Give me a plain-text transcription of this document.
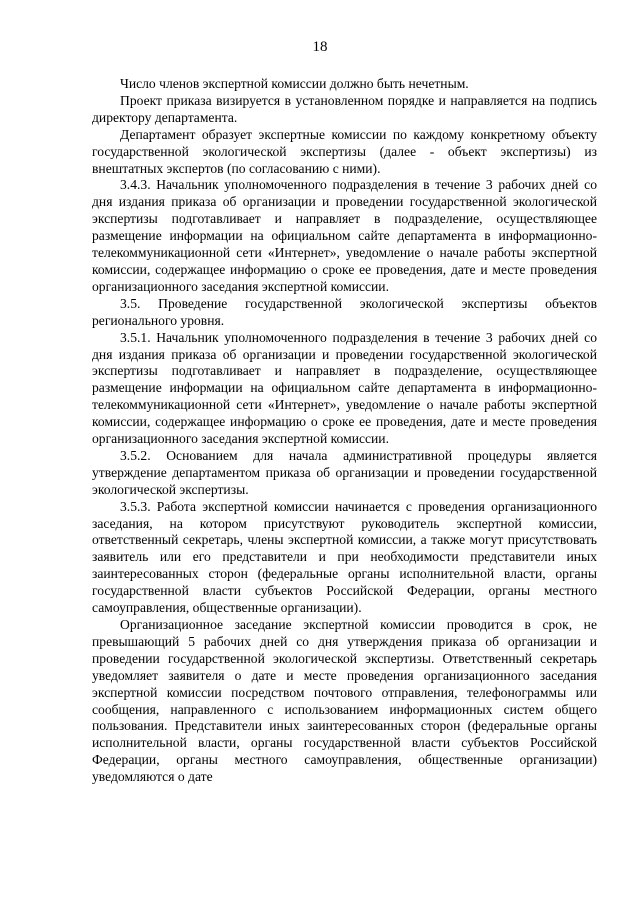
18

Число членов экспертной комиссии должно быть нечетным.

Проект приказа визируется в установленном порядке и направляется на подпись директору департамента.

Департамент образует экспертные комиссии по каждому конкретному объекту государственной экологической экспертизы (далее - объект экспертизы) из внештатных экспертов (по согласованию с ними).

3.4.3. Начальник уполномоченного подразделения в течение 3 рабочих дней со дня издания приказа об организации и проведении государственной экологической экспертизы подготавливает и направляет в подразделение, осуществляющее размещение информации на официальном сайте департамента в информационно-телекоммуникационной сети «Интернет», уведомление о начале работы экспертной комиссии, содержащее информацию о сроке ее проведения, дате и месте проведения организационного заседания экспертной комиссии.

3.5. Проведение государственной экологической экспертизы объектов регионального уровня.

3.5.1. Начальник уполномоченного подразделения в течение 3 рабочих дней со дня издания приказа об организации и проведении государственной экологической экспертизы подготавливает и направляет в подразделение, осуществляющее размещение информации на официальном сайте департамента в информационно-телекоммуникационной сети «Интернет», уведомление о начале работы экспертной комиссии, содержащее информацию о сроке ее проведения, дате и месте проведения организационного заседания экспертной комиссии.

3.5.2. Основанием для начала административной процедуры является утверждение департаментом приказа об организации и проведении государственной экологической экспертизы.

3.5.3. Работа экспертной комиссии начинается с проведения организационного заседания, на котором присутствуют руководитель экспертной комиссии, ответственный секретарь, члены экспертной комиссии, а также могут присутствовать заявитель или его представители и при необходимости представители иных заинтересованных сторон (федеральные органы исполнительной власти, органы государственной власти субъектов Российской Федерации, органы местного самоуправления, общественные организации).

Организационное заседание экспертной комиссии проводится в срок, не превышающий 5 рабочих дней со дня утверждения приказа об организации и проведении государственной экологической экспертизы. Ответственный секретарь уведомляет заявителя о дате и месте проведения организационного заседания экспертной комиссии посредством почтового отправления, телефонограммы или сообщения, направленного с использованием информационных систем общего пользования. Представители иных заинтересованных сторон (федеральные органы исполнительной власти, органы государственной власти субъектов Российской Федерации, органы местного самоуправления, общественные организации) уведомляются о дате
